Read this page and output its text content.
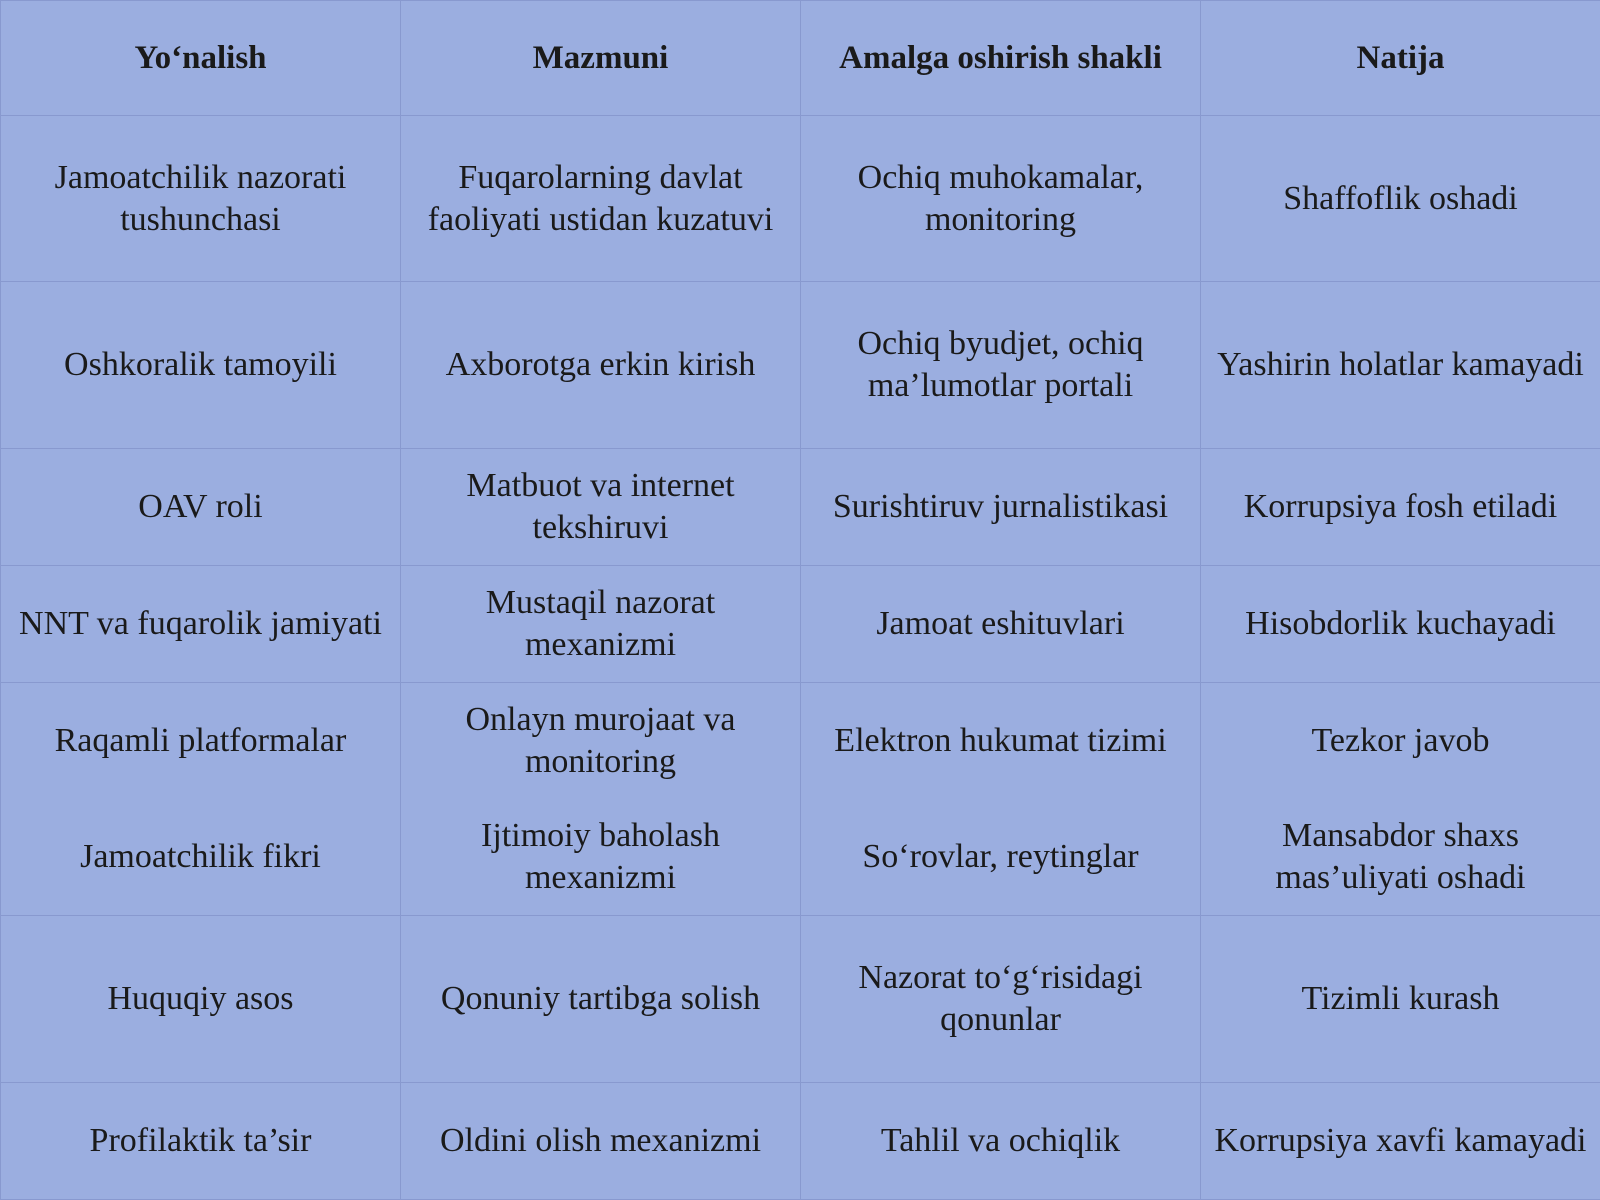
Yo‘nalish	Mazmuni	Amalga oshirish shakli	Natija
Jamoatchilik nazorati tushunchasi	Fuqarolarning davlat faoliyati ustidan kuzatuvi	Ochiq muhokamalar, monitoring	Shaffoflik oshadi
Oshkoralik tamoyili	Axborotga erkin kirish	Ochiq byudjet, ochiq ma’lumotlar portali	Yashirin holatlar kamayadi
OAV roli	Matbuot va internet tekshiruvi	Surishtiruv jurnalistikasi	Korrupsiya fosh etiladi
NNT va fuqarolik jamiyati	Mustaqil nazorat mexanizmi	Jamoat eshituvlari	Hisobdorlik kuchayadi
Raqamli platformalar	Onlayn murojaat va monitoring	Elektron hukumat tizimi	Tezkor javob
Jamoatchilik fikri	Ijtimoiy baholash mexanizmi	So‘rovlar, reytinglar	Mansabdor shaxs mas’uliyati oshadi
Huquqiy asos	Qonuniy tartibga solish	Nazorat to‘g‘risidagi qonunlar	Tizimli kurash
Profilaktik ta’sir	Oldini olish mexanizmi	Tahlil va ochiqlik	Korrupsiya xavfi kamayadi
